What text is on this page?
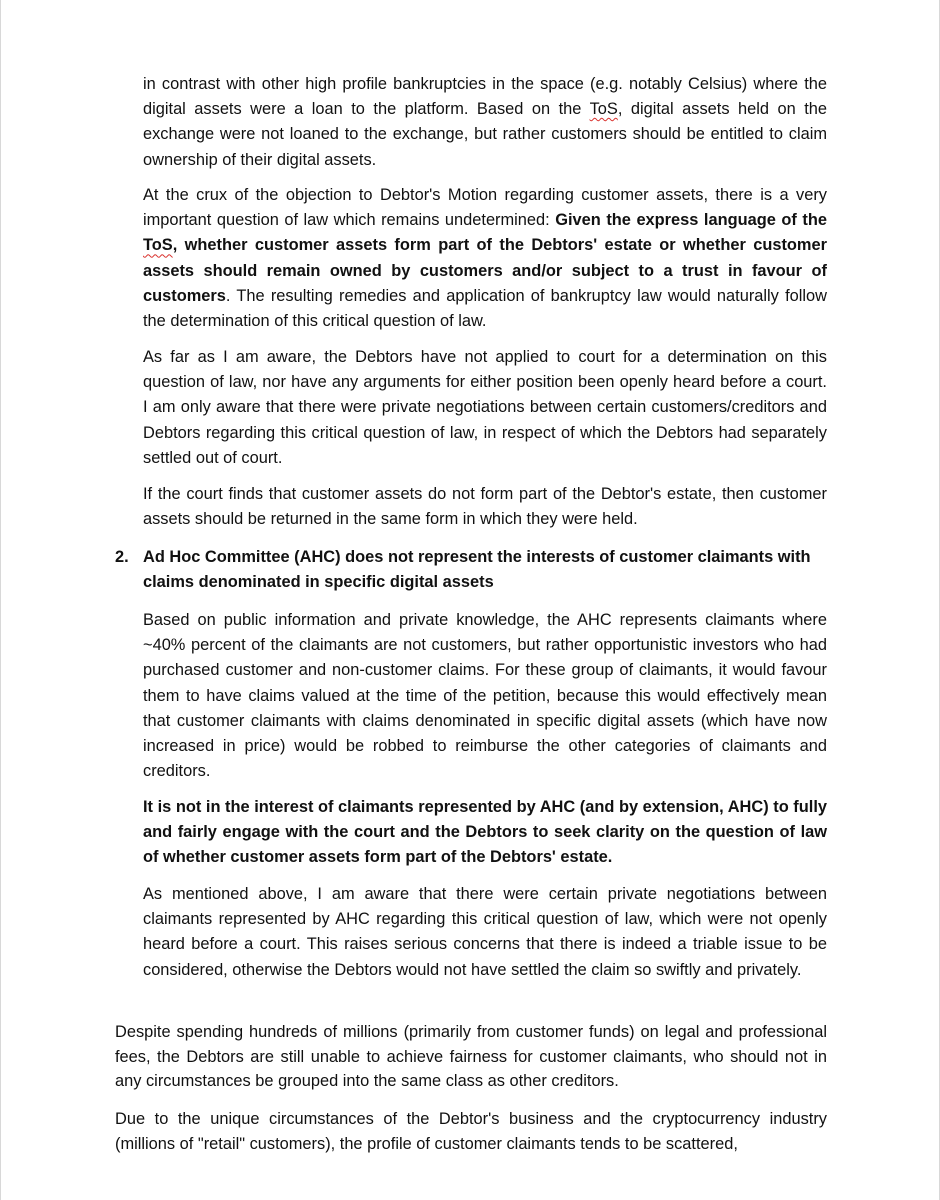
in contrast with other high profile bankruptcies in the space (e.g. notably Celsius) where the digital assets were a loan to the platform. Based on the ToS, digital assets held on the exchange were not loaned to the exchange, but rather customers should be entitled to claim ownership of their digital assets.

At the crux of the objection to Debtor's Motion regarding customer assets, there is a very important question of law which remains undetermined: Given the express language of the ToS, whether customer assets form part of the Debtors' estate or whether customer assets should remain owned by customers and/or subject to a trust in favour of customers. The resulting remedies and application of bankruptcy law would naturally follow the determination of this critical question of law.

As far as I am aware, the Debtors have not applied to court for a determination on this question of law, nor have any arguments for either position been openly heard before a court. I am only aware that there were private negotiations between certain customers/creditors and Debtors regarding this critical question of law, in respect of which the Debtors had separately settled out of court.

If the court finds that customer assets do not form part of the Debtor's estate, then customer assets should be returned in the same form in which they were held.

2. Ad Hoc Committee (AHC) does not represent the interests of customer claimants with claims denominated in specific digital assets

Based on public information and private knowledge, the AHC represents claimants where ~40% percent of the claimants are not customers, but rather opportunistic investors who had purchased customer and non-customer claims. For these group of claimants, it would favour them to have claims valued at the time of the petition, because this would effectively mean that customer claimants with claims denominated in specific digital assets (which have now increased in price) would be robbed to reimburse the other categories of claimants and creditors.

It is not in the interest of claimants represented by AHC (and by extension, AHC) to fully and fairly engage with the court and the Debtors to seek clarity on the question of law of whether customer assets form part of the Debtors' estate.

As mentioned above, I am aware that there were certain private negotiations between claimants represented by AHC regarding this critical question of law, which were not openly heard before a court. This raises serious concerns that there is indeed a triable issue to be considered, otherwise the Debtors would not have settled the claim so swiftly and privately.

Despite spending hundreds of millions (primarily from customer funds) on legal and professional fees, the Debtors are still unable to achieve fairness for customer claimants, who should not in any circumstances be grouped into the same class as other creditors.

Due to the unique circumstances of the Debtor's business and the cryptocurrency industry (millions of "retail" customers), the profile of customer claimants tends to be scattered,
